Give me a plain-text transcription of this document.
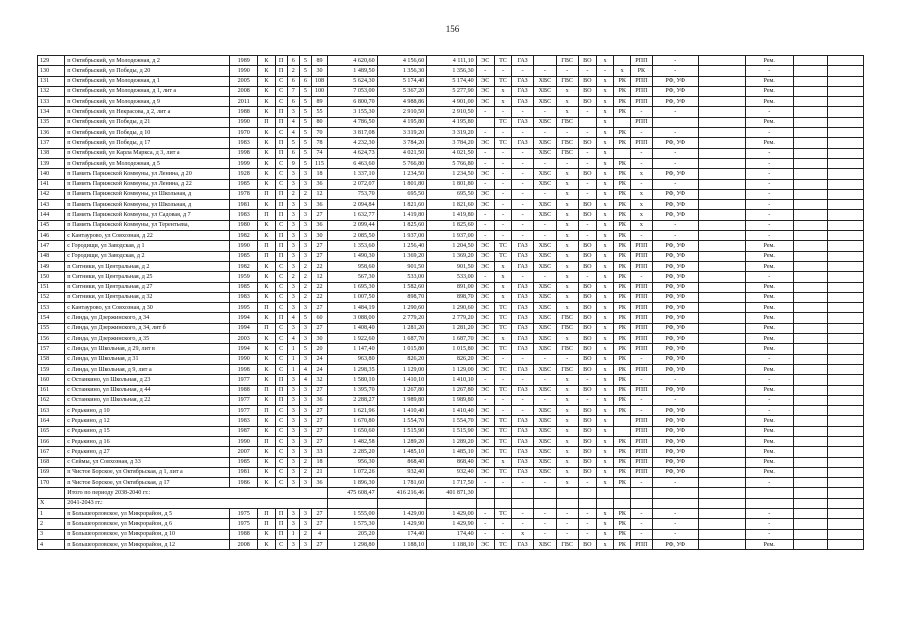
156
129	п Октябрьский, ул Молодежная, д 2	1989	К	П	6	5	89	4 620,60	4 156,60	4 111,10	ЭС	ТС	ГАЗ		ГВС	ВО	х		РПП	-		Рем.		
130	п Октябрьский, ул Победы, д 20	1990	К	П	2	5	30	1 489,50	1 356,30	1 356,30	-	-	-	-	-	-	-	х	РК	-		-		
131	п Октябрьский, ул Молодежная, д 1	2005	К	С	6	6	108	5 624,30	5 174,40	5 174,40	ЭС	ТС	ГАЗ	ХВС	ГВС	ВО	х	РК	РПП	РФ, УФ		Рем.		
132	п Октябрьский, ул Молодежная, д 1, лит а	2008	К	С	7	5	100	7 053,00	5 367,20	5 277,90	ЭС	х	ГАЗ	ХВС	х	ВО	х	РК	РПП	РФ, УФ		Рем.		
133	п Октябрьский, ул Молодежная, д 9	2011	К	С	6	5	89	6 800,70	4 988,86	4 901,00	ЭС	х	ГАЗ	ХВС	х	ВО	х	РК	РПП	РФ, УФ		Рем.		
134	п Октябрьский, ул Некрасова, д 2, лит а	1988	К	П	3	5	55	3 155,30	2 910,50	2 910,50	-	-	-	-	х	-	х	РК	-	-		-		
135	п Октябрьский, ул Победы, д 21	1990	П	П	4	5	80	4 786,50	4 195,80	4 195,80		ТС	ГАЗ	ХВС	ГВС		х		РПП			Рем.		
136	п Октябрьский, ул Победы, д 10	1970	К	С	4	5	70	3 817,08	3 319,20	3 319,20	-	-	-	-	-	-	х	РК	-	-		-		
137	п Октябрьский, ул Победы, д 17	1983	К	П	5	5	78	4 232,30	3 784,20	3 784,20	ЭС	ТС	ГАЗ	ХВС	ГВС	ВО	х	РК	РПП	РФ, УФ		Рем.		
138	п Октябрьский, ул Карла Маркса, д 3, лит а	1998	К	П	6	5	74	4 624,73	4 021,50	4 021,50	-	-	-	ХВС	ГВС	-	х		-	-		-		
139	п Октябрьский, ул Молодежная, д 5	1999	К	С	9	5	115	6 463,60	5 766,80	5 766,80	-	-	-	-	-	-	х	РК	-	-		-		
140	п Память Парижской Коммуны, ул Ленина, д 20	1928	К	С	3	3	18	1 337,10	1 234,50	1 234,50	ЭС	-	-	ХВС	х	ВО	х	РК	х	РФ, УФ		-		
141	п Память Парижской Коммуны, ул Ленина, д 22	1985	К	С	3	3	36	2 072,07	1 801,80	1 801,80	-	-	-	ХВС	х	-	х	РК	-	-		-		
142	п Память Парижской Коммуны, ул Школьная, д	1978	П	П	2	2	12	753,70	695,50	695,50	ЭС	-	-	-	х	-	х	РК	х	РФ, УФ		-		
143	п Память Парижской Коммуны, ул Школьная, д	1981	К	П	3	3	36	2 094,84	1 821,60	1 821,60	ЭС	-	-	ХВС	х	ВО	х	РК	х	РФ, УФ		-		
144	п Память Парижской Коммуны, ул Садовая, д 7	1983	П	П	3	3	27	1 632,77	1 419,80	1 419,80	-	-	-	ХВС	х	ВО	х	РК	х	РФ, УФ		-		
145	п Память Парижской Коммуны, ул Терентьева,	1980	К	С	3	3	36	2 099,44	1 825,60	1 825,60	-	-	-	-	х	-	х	РК	х	-		-		
146	с Кантаурово, ул Совхозная, д 22	1982	К	П	3	3	30	2 085,50	1 937,00	1 937,00	-	-	-	-	х	-	х	РК	-	-		-		
147	с Городищи, ул Заводская, д 1	1990	П	П	3	3	27	1 353,60	1 256,40	1 204,50	ЭС	ТС	ГАЗ	ХВС	х	ВО	х	РК	РПП	РФ, УФ		Рем.		
148	с Городищи, ул Заводская, д 2	1985	П	П	3	3	27	1 490,30	1 369,20	1 369,20	ЭС	ТС	ГАЗ	ХВС	х	ВО	х	РК	РПП	РФ, УФ		Рем.		
149	п Ситники, ул Центральная, д 2	1982	К	С	3	2	22	958,60	901,50	901,50	ЭС	х	ГАЗ	ХВС	х	ВО	х	РК	РПП	РФ, УФ		Рем.		
150	п Ситники, ул Центральная, д 25	1959	К	С	2	2	12	567,30	533,00	533,00	-	х	-	-	х	-	х	РК	-	РФ, УФ		-		
151	п Ситники, ул Центральная, д 27	1985	К	С	3	2	22	1 695,30	1 582,60	891,00	ЭС	х	ГАЗ	ХВС	х	ВО	х	РК	РПП	РФ, УФ		Рем.		
152	п Ситники, ул Центральная, д 32	1983	К	С	3	2	22	1 007,50	898,70	898,70	ЭС	х	ГАЗ	ХВС	х	ВО	х	РК	РПП	РФ, УФ		Рем.		
153	с Кантаурово, ул Совхозная, д 30	1995	П	С	3	3	27	1 484,19	1 290,60	1 290,60	ЭС	ТС	ГАЗ	ХВС	х	ВО	х	РК	РПП	РФ, УФ		Рем.		
154	с Линда, ул Дзержинского, д 34	1994	К	П	4	5	60	3 088,00	2 779,20	2 779,20	ЭС	ТС	ГАЗ	ХВС	ГВС	ВО	х	РК	РПП	РФ, УФ		Рем.		
155	с Линда, ул Дзержинского, д 34, лит б	1994	П	С	3	3	27	1 408,40	1 281,20	1 281,20	ЭС	ТС	ГАЗ	ХВС	ГВС	ВО	х	РК	РПП	РФ, УФ		Рем.		
156	с Линда, ул Дзержинского, д 35	2003	К	С	4	3	30	1 922,60	1 687,70	1 687,70	ЭС	х	ГАЗ	ХВС	х	ВО	х	РК	РПП	РФ, УФ		Рем.		
157	с Линда, ул Школьная, д 29, лит в	1994	К	С	1	5	20	1 147,40	1 015,80	1 015,80	ЭС	ТС	ГАЗ	ХВС	ГВС	ВО	х	РК	РПП	РФ, УФ		Рем.		
158	с Линда, ул Школьная, д 31	1990	К	С	1	3	24	963,80	826,20	826,20	ЭС	-	-	-	-	ВО	х	РК	-	РФ, УФ		-		
159	с Линда, ул Школьная, д 9, лит а	1998	К	С	1	4	24	1 298,35	1 129,00	1 129,00	ЭС	ТС	ГАЗ	ХВС	ГВС	ВО	х	РК	РПП	РФ, УФ		Рем.		
160	с Останкино, ул Школьная, д 23	1977	К	П	3	4	32	1 580,10	1 410,10	1 410,10	-	-	-	-	х	-	х	РК	-	-		-		
161	с Останкино, ул Школьная, д 44	1988	П	П	3	3	27	1 395,70	1 267,80	1 267,80	ЭС	ТС	ГАЗ	ХВС	х	ВО	х	РК	РПП	РФ, УФ		Рем.		
162	с Останкино, ул Школьная, д 22	1977	К	П	3	3	36	2 288,27	1 989,80	1 989,80	-	-	-	-	х	-	х	РК	-	-		-		
163	с Редькино, д 10	1977	П	С	3	3	27	1 621,96	1 410,40	1 410,40	ЭС	-	-	ХВС	х	ВО	х	РК	-	РФ, УФ		-		
164	с Редькино, д 12	1983	К	С	3	3	27	1 670,80	1 554,70	1 554,70	ЭС	ТС	ГАЗ	ХВС	х	ВО	х		РПП	РФ, УФ		Рем.		
165	с Редькино, д 15	1987	К	С	3	3	27	1 650,60	1 515,90	1 515,90	ЭС	ТС	ГАЗ	ХВС	х	ВО	х		РПП	РФ, УФ		Рем.		
166	с Редькино, д 16	1990	П	С	3	3	27	1 482,58	1 289,20	1 289,20	ЭС	ТС	ГАЗ	ХВС	х	ВО	х	РК	РПП	РФ, УФ		Рем.		
167	с Редькино, д 27	2007	К	С	3	3	33	2 285,20	1 485,10	1 485,10	ЭС	ТС	ГАЗ	ХВС	х	ВО	х	РК	РПП	РФ, УФ		Рем.		
168	с Сеймы, ул Совхозная, д 33	1985	К	С	3	2	18	956,30	868,40	868,40	ЭС	х	ГАЗ	ХВС	х	ВО	х	РК	РПП	РФ, УФ		Рем.		
169	п Чистое Борское, ул Октябрьская, д 1, лит а	1981	К	С	3	2	21	1 072,26	932,40	932,40	ЭС	ТС	ГАЗ	ХВС	х	ВО	х	РК	РПП	РФ, УФ		Рем.		
170	п Чистое Борское, ул Октябрьская, д 17	1986	К	С	3	3	36	1 896,30	1 781,60	1 717,50	-	-	-	-	х	-	х	РК	-	-		-		
	Итого по периоду 2038-2040 гг.:							475 608,47	416 216,46	401 871,30														
X	2041-2043 гг.:																							
1	п Большеорловское, ул Микрорайон, д 5	1975	П	П	3	3	27	1 555,00	1 429,00	1 429,00	-	ТС	-	-	-	-	х	РК	-	-		-		
2	п Большеорловское, ул Микрорайон, д 6	1975	П	П	3	3	27	1 575,30	1 429,90	1 429,90	-	-	-	-	-	-	х	РК	-	-		-		
3	п Большеорловское, ул Микрорайон, д 10	1988	К	П	1	2	4	205,20	174,40	174,40	-	-	х	-	-	-	х	РК	-	-		-		
4	п Большеорловское, ул Микрорайон, д 12	2008	К	С	3	3	27	1 298,80	1 188,10	1 188,10	ЭС	ТС	ГАЗ	ХВС	ГВС	ВО	х	РК	РПП	РФ, УФ		Рем.		
